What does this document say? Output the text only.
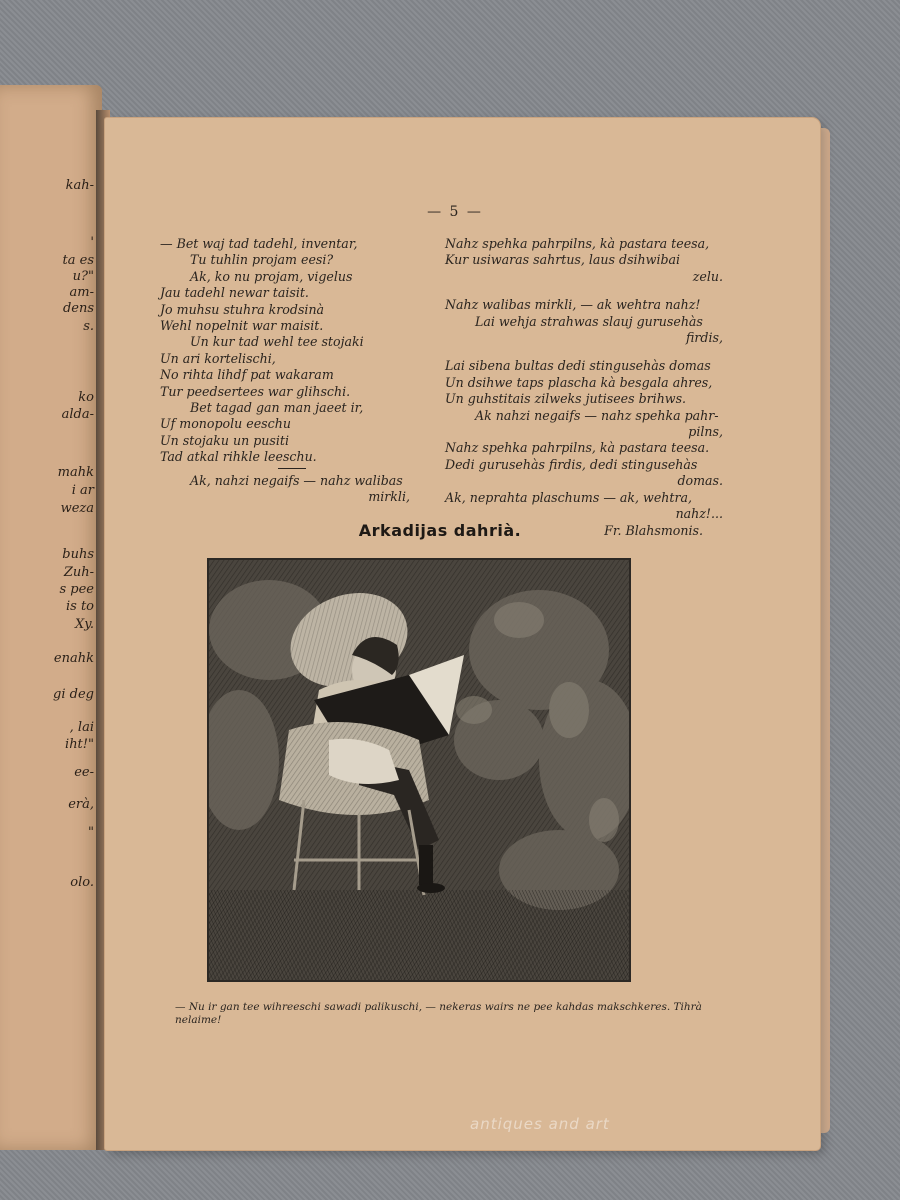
kah-
'
ta es
u?"
am-
dens
s.
ko
alda-
mahk
i ar
weza
buhs
Zuh-
s pee
is to
Xy.
enahk
gi deg
, lai
iht!"
ee-
erà,
"
olo.
— 5 —
— Bet waj tad tadehl, inventar,
Tu tuhlin projam eesi?
Ak, ko nu projam, vigelus
Jau tadehl newar taisit.
Jo muhsu stuhra krodsinà
Wehl nopelnit war maisit.
Un kur tad wehl tee stojaki
Un ari kortelischi,
No rihta lihdf pat wakaram
Tur peedsertees war glihschi.
Bet tagad gan man jaeet ir,
Uf monopolu eeschu
Un stojaku un pusiti
Tad atkal rihkle leeschu.
Ak, nahzi negaifs — nahz walibas
mirkli,
Nahz spehka pahrpilns, kà pastara teesa,
Kur usiwaras sahrtus, laus dsihwibai
zelu.
Nahz walibas mirkli, — ak wehtra nahz!
Lai wehja strahwas slauj gurusehàs
firdis,
Lai sibena bultas dedi stingusehàs domas
Un dsihwe taps plascha kà besgala ahres,
Un guhstitais zilweks jutisees brihws.
Ak nahzi negaifs — nahz spehka pahr-
pilns,
Nahz spehka pahrpilns, kà pastara teesa.
Dedi gurusehàs firdis, dedi stingusehàs
domas.
Ak, neprahta plaschums — ak, wehtra,
nahz!...
Fr. Blahsmonis.
Arkadijas dahrià.
— Nu ir gan tee wihreeschi sawadi palikuschi, — nekeras wairs ne pee kahdas makschkeres. Tihrà nelaime!
antiques and art
